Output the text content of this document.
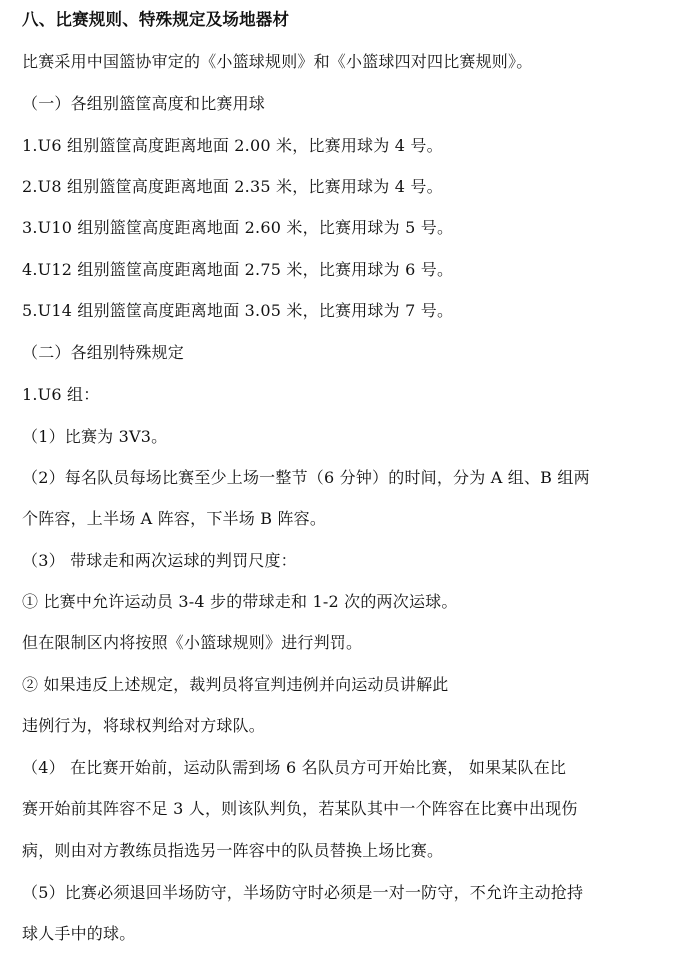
八、比赛规则、特殊规定及场地器材
比赛采用中国篮协审定的《小篮球规则》和《小篮球四对四比赛规则》。
（一）各组别篮筐高度和比赛用球
1.U6 组别篮筐高度距离地面 2.00 米，比赛用球为 4 号。
2.U8 组别篮筐高度距离地面 2.35 米，比赛用球为 4 号。
3.U10 组别篮筐高度距离地面 2.60 米，比赛用球为 5 号。
4.U12 组别篮筐高度距离地面 2.75 米，比赛用球为 6 号。
5.U14 组别篮筐高度距离地面 3.05 米，比赛用球为 7 号。
（二）各组别特殊规定
1.U6 组：
（1）比赛为 3V3。
（2）每名队员每场比赛至少上场一整节（6 分钟）的时间，分为 A 组、B 组两
个阵容，上半场 A 阵容，下半场 B 阵容。
（3） 带球走和两次运球的判罚尺度：
① 比赛中允许运动员 3-4 步的带球走和 1-2 次的两次运球。
但在限制区内将按照《小篮球规则》进行判罚。
② 如果违反上述规定，裁判员将宣判违例并向运动员讲解此
违例行为，将球权判给对方球队。
（4） 在比赛开始前，运动队需到场 6 名队员方可开始比赛， 如果某队在比
赛开始前其阵容不足 3 人，则该队判负，若某队其中一个阵容在比赛中出现伤
病，则由对方教练员指选另一阵容中的队员替换上场比赛。
（5）比赛必须退回半场防守，半场防守时必须是一对一防守，不允许主动抢持
球人手中的球。
